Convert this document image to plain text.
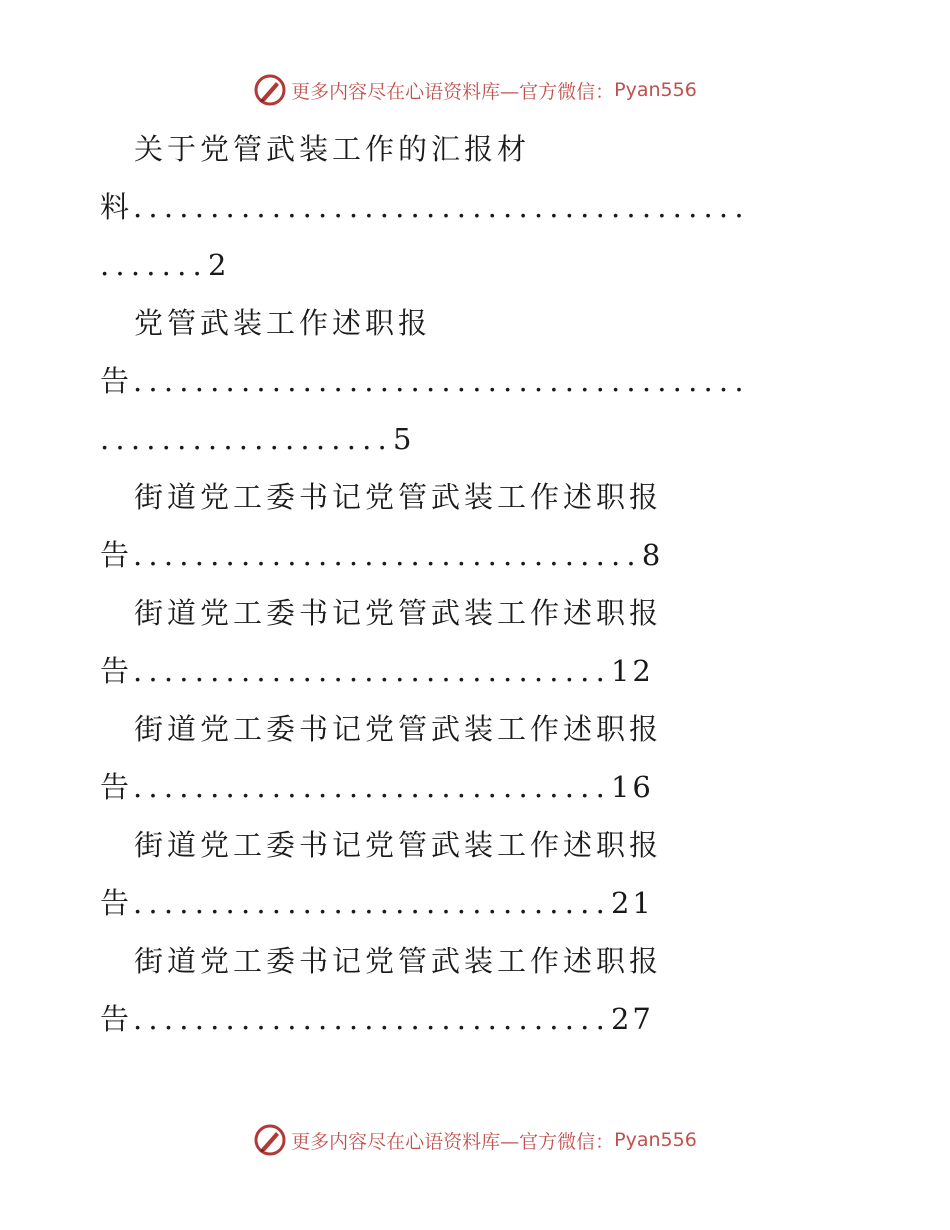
更多内容尽在心语资料库—官方微信： Pyan556
关于党管武装工作的汇报材
料........................................
.......2
党管武装工作述职报
告........................................
...................5
街道党工委书记党管武装工作述职报
告.................................8
街道党工委书记党管武装工作述职报
告...............................12
街道党工委书记党管武装工作述职报
告...............................16
街道党工委书记党管武装工作述职报
告...............................21
街道党工委书记党管武装工作述职报
告...............................27
更多内容尽在心语资料库—官方微信： Pyan556
